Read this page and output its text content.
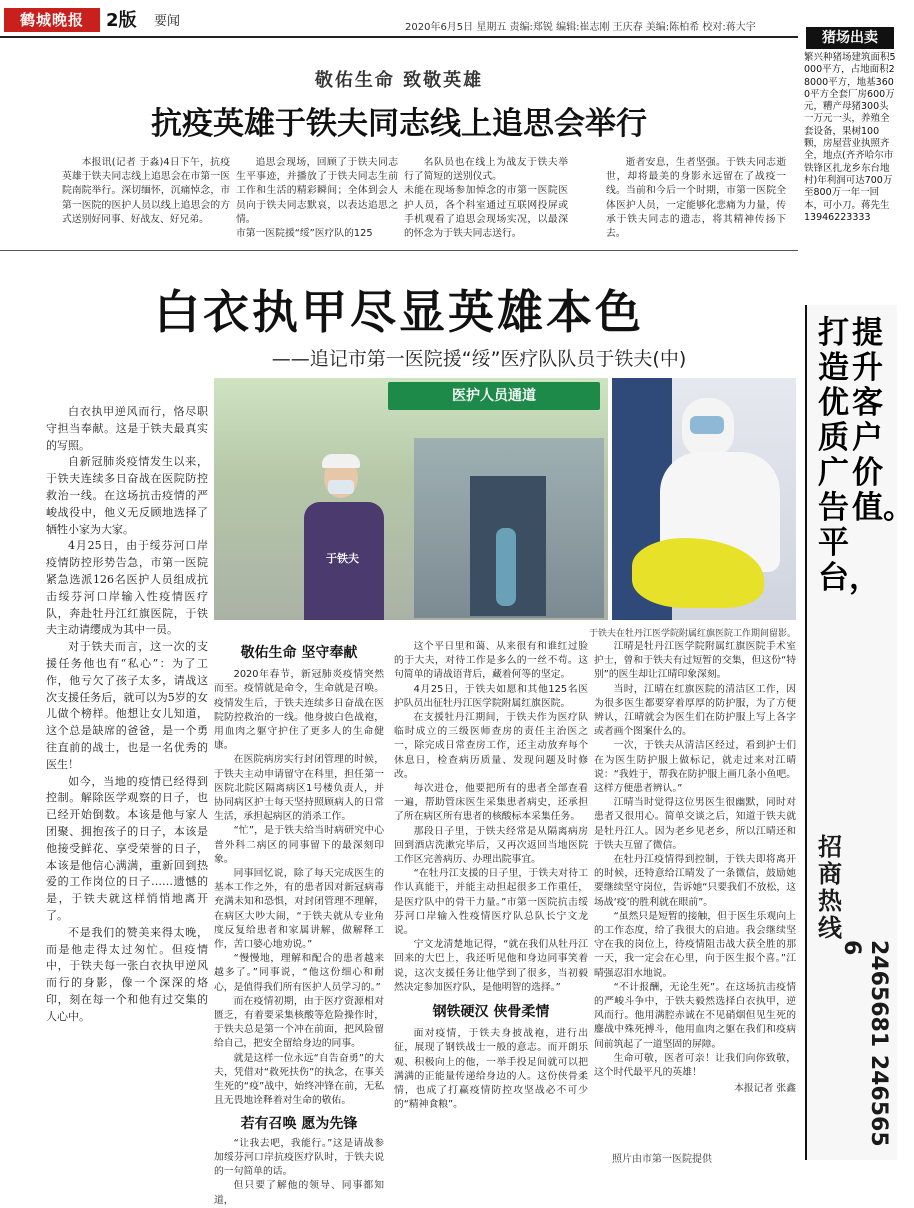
鹤城晚报	2版 要闻	2020年6月5日 星期五 责编:郑锐 编辑:崔志刚 王庆春 美编:陈柏希 校对:蒋大宇
猪场出卖
繁兴种猪场建筑面积5000平方，占地面积28000平方，地基3600平方全套厂房600万元，糟产母猪300头一万元一头，养殖全套设备，果树100颗，房屋营业执照齐全，地点(齐齐哈尔市铁锋区扎龙乡东台地村)年利润可达700万至800万一年一回本，可小刀。蒋先生 13946223333
打造优质广告平台，
提升客户价值。
招商热线
2465681 2465656
敬佑生命 致敬英雄
抗疫英雄于铁夫同志线上追思会举行

本报讯(记者 于淼)4日下午，抗疫英雄于铁夫同志线上追思会在市第一医院南院举行。深切缅怀，沉痛悼念，市第一医院的医护人员以线上追思会的方式送别好同事、好战友、好兄弟。

追思会现场，回顾了于铁夫同志生平事迹，并播放了于铁夫同志生前工作和生活的精彩瞬间；全体到会人员向于铁夫同志默哀，以表达追思之情。
市第一医院援“绥”医疗队的125

名队员也在线上为战友于铁夫举行了简短的送别仪式。
未能在现场参加悼念的市第一医院医护人员，各个科室通过互联网投屏或手机观看了追思会现场实况，以最深的怀念为于铁夫同志送行。

逝者安息，生者坚强。于铁夫同志逝世，却将最美的身影永远留在了战疫一线。当前和今后一个时期，市第一医院全体医护人员，一定能够化悲痛为力量，传承于铁夫同志的遗志，将其精神传扬下去。

白衣执甲尽显英雄本色
——追记市第一医院援“绥”医疗队队员于铁夫(中)
医护人员通道
于铁夫
于铁夫在牡丹江医学院附属红旗医院工作期间留影。

白衣执甲逆风而行，恪尽职守担当奉献。这是于铁夫最真实的写照。

自新冠肺炎疫情发生以来，于铁夫连续多日奋战在医院防控救治一线。在这场抗击疫情的严峻战役中，他义无反顾地选择了牺牲小家为大家。

4月25日，由于绥芬河口岸疫情防控形势告急，市第一医院紧急选派126名医护人员组成抗击绥芬河口岸输入性疫情医疗队，奔赴牡丹江红旗医院，于铁夫主动请缨成为其中一员。

对于铁夫而言，这一次的支援任务他也有“私心”：为了工作，他亏欠了孩子太多，请战这次支援任务后，就可以为5岁的女儿做个榜样。他想让女儿知道，这个总是缺席的爸爸，是一个勇往直前的战士，也是一名优秀的医生！

如今，当地的疫情已经得到控制。解除医学观察的日子，也已经开始倒数。本该是他与家人团聚、拥抱孩子的日子，本该是他接受鲜花、享受荣誉的日子，本该是他信心满满，重新回到热爱的工作岗位的日子……遗憾的是，于铁夫就这样悄悄地离开了。

不是我们的赞美来得太晚，而是他走得太过匆忙。但疫情中，于铁夫每一张白衣执甲逆风而行的身影，像一个深深的烙印，刻在每一个和他有过交集的人心中。

敬佑生命 坚守奉献

2020年春节，新冠肺炎疫情突然而至。疫情就是命令，生命就是召唤。疫情发生后，于铁夫连续多日奋战在医院防控救治的一线。他身披白色战袍，用血肉之躯守护住了更多人的生命健康。

在医院病房实行封闭管理的时候，于铁夫主动申请留守在科里，担任第一医院北院区隔离病区1号楼负责人，并协同病区护士每天坚持照顾病人的日常生活，承担起病区的消杀工作。

“忙”，是于铁夫给当时病研究中心普外科二病区的同事留下的最深刻印象。

同事回忆说，除了每天完成医生的基本工作之外，有的患者因对新冠病毒充满未知和恐惧，对封闭管理不理解，在病区大吵大闹，“于铁夫就从专业角度反复给患者和家属讲解，做解释工作，苦口婆心地劝说。”

“慢慢地，理解和配合的患者越来越多了。”同事说，“他这份细心和耐心，是值得我们所有医护人员学习的。”

而在疫情初期，由于医疗资源相对匮乏，有着要采集核酸等危险操作时，于铁夫总是第一个冲在前面，把风险留给自己，把安全留给身边的同事。

就是这样一位永远“自告奋勇”的大夫，凭借对“救死扶伤”的执念，在事关生死的“疫”战中，始终冲锋在前，无私且无畏地诠释着对生命的敬佑。

若有召唤 愿为先锋

“让我去吧，我能行。”这是请战参加绥芬河口岸抗疫医疗队时，于铁夫说的一句简单的话。

但只要了解他的领导、同事都知道，

这个平日里和蔼、从来很有和谁红过脸的于大夫，对待工作是多么的一丝不苟。这句简单的请战语背后，藏着何等的坚定。

4月25日，于铁夫如愿和其他125名医护队员出征牡丹江医学院附属红旗医院。

在支援牡丹江期间，于铁夫作为医疗队临时成立的三级医师查房的责任主治医之一，除完成日常查房工作，还主动放弃每个休息日，检查病历质量、发现问题及时修改。

每次进仓，他要把所有的患者全部查看一遍，帮助管床医生采集患者病史，还承担了所在病区所有患者的核酸标本采集任务。

那段日子里，于铁夫经常是从隔离病房回到酒店洗漱完毕后，又再次返回当地医院工作区完善病历、办理出院事宜。

“在牡丹江支援的日子里，于铁夫对待工作认真能干，并能主动担起很多工作重任，是医疗队中的骨干力量。”市第一医院抗击绥芬河口岸输入性疫情医疗队总队长宁文龙说。

宁文龙清楚地记得，“就在我们从牡丹江回来的大巴上，我还听见他和身边同事笑着说，这次支援任务让他学到了很多，当初毅然决定参加医疗队，是他明智的选择。”

钢铁硬汉 侠骨柔情

面对疫情，于铁夫身披战袍，进行出征，展现了钢铁战士一般的意志。而开朗乐观、积极向上的他，一举手投足间就可以把满满的正能量传递给身边的人。这份侠骨柔情，也成了打赢疫情防控攻坚战必不可少的“精神食粮”。

江晴是牡丹江医学院附属红旗医院手术室护士，曾和于铁夫有过短暂的交集，但这份“特别”的医生却让江晴印象深刻。

当时，江晴在红旗医院的清洁区工作，因为很多医生都要穿着厚厚的防护服，为了方便辨认，江晴就会为医生们在防护服上写上各字或者画个图案什么的。

一次，于铁夫从清洁区经过，看到护士们在为医生防护服上做标记，就走过来对江晴说：“我姓于，帮我在防护服上画几条小鱼吧。这样方便患者辨认。”

江晴当时觉得这位男医生很幽默，同时对患者又很用心。简单交谈之后，知道于铁夫就是牡丹江人。因为老乡见老乡，所以江晴还和于铁夫互留了微信。

在牡丹江疫情得到控制，于铁夫即将离开的时候，还特意给江晴发了一条微信，鼓励她要继续坚守岗位，告诉她“只要我们不放松，这场战‘疫’的胜利就在眼前”。

“虽然只是短暂的接触，但于医生乐观向上的工作态度，给了我很大的启迪。我会继续坚守在我的岗位上，待疫情阻击战大获全胜的那一天，我一定会在心里，向于医生报个喜。”江晴强忍泪水地说。

“不计报酬，无论生死”。在这场抗击疫情的严峻斗争中，于铁夫毅然选择白衣执甲，逆风而行。他用满腔赤诚在不见硝烟但见生死的鏖战中殊死搏斗，他用血肉之躯在我们和疫病间前筑起了一道坚固的屏障。

生命可敬，医者可亲！让我们向你致敬，这个时代最平凡的英雄！

本报记者 张鑫
照片由市第一医院提供
